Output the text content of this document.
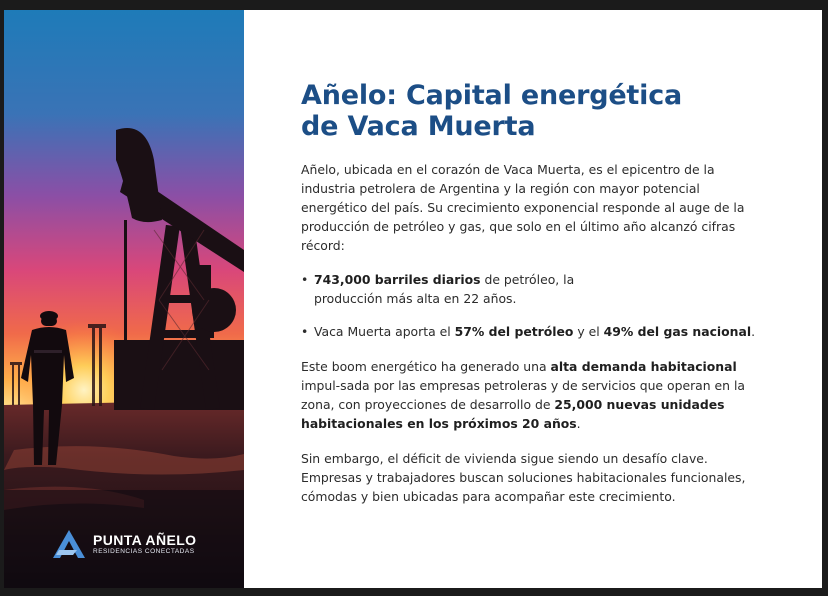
PUNTA AÑELO
RESIDENCIAS CONECTADAS
Añelo: Capital energética
de Vaca Muerta

Añelo, ubicada en el corazón de Vaca Muerta, es el epicentro de la industria petrolera de Argentina y la región con mayor potencial energético del país. Su crecimiento exponencial responde al auge de la producción de petróleo y gas, que solo en el último año alcanzó cifras récord:

• 743,000 barriles diarios de petróleo, la
producción más alta en 22 años.
• Vaca Muerta aporta el 57% del petróleo y el 49% del gas nacional.

Este boom energético ha generado una alta demanda habitacional impul-sada por las empresas petroleras y de servicios que operan en la zona, con proyecciones de desarrollo de 25,000 nuevas unidades habitacionales en los próximos 20 años.

Sin embargo, el déficit de vivienda sigue siendo un desafío clave. Empresas y trabajadores buscan soluciones habitacionales funcionales, cómodas y bien ubicadas para acompañar este crecimiento.
